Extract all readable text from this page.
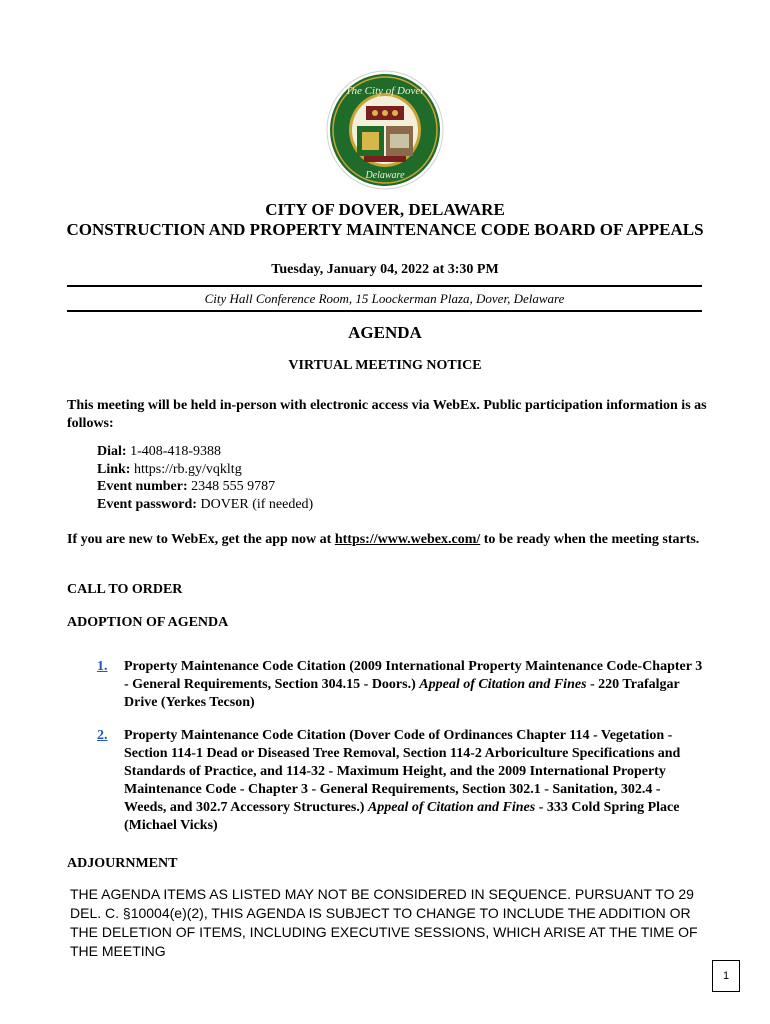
The City of Dover
Delaware
CITY OF DOVER, DELAWARE
CONSTRUCTION AND PROPERTY MAINTENANCE CODE BOARD OF APPEALS
Tuesday, January 04, 2022 at 3:30 PM
City Hall Conference Room, 15 Loockerman Plaza, Dover, Delaware
AGENDA
VIRTUAL MEETING NOTICE
This meeting will be held in-person with electronic access via WebEx. Public participation information is as follows:
Dial: 1-408-418-9388
Link: https://rb.gy/vqkltg
Event number: 2348 555 9787
Event password: DOVER (if needed)
If you are new to WebEx, get the app now at https://www.webex.com/ to be ready when the meeting starts.
CALL TO ORDER
ADOPTION OF AGENDA
1. Property Maintenance Code Citation (2009 International Property Maintenance Code-Chapter 3 - General Requirements, Section 304.15 - Doors.) Appeal of Citation and Fines - 220 Trafalgar Drive (Yerkes Tecson)
2. Property Maintenance Code Citation (Dover Code of Ordinances Chapter 114 - Vegetation - Section 114-1 Dead or Diseased Tree Removal, Section 114-2 Arboriculture Specifications and Standards of Practice, and 114-32 - Maximum Height, and the 2009 International Property Maintenance Code - Chapter 3 - General Requirements, Section 302.1 - Sanitation, 302.4 - Weeds, and 302.7 Accessory Structures.) Appeal of Citation and Fines - 333 Cold Spring Place (Michael Vicks)
ADJOURNMENT
THE AGENDA ITEMS AS LISTED MAY NOT BE CONSIDERED IN SEQUENCE. PURSUANT TO 29 DEL. C. §10004(e)(2), THIS AGENDA IS SUBJECT TO CHANGE TO INCLUDE THE ADDITION OR THE DELETION OF ITEMS, INCLUDING EXECUTIVE SESSIONS, WHICH ARISE AT THE TIME OF THE MEETING
1
